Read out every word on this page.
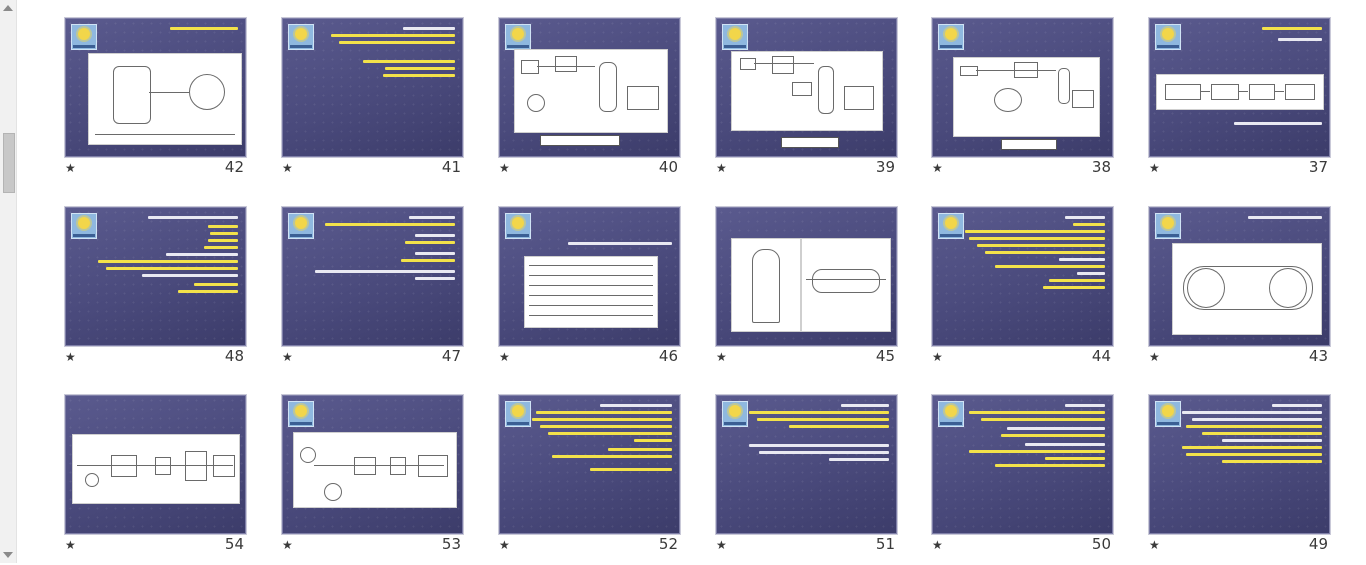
★	37
★	38
★	39
★	40
★	41
★	42
★	43
★	44
★	45
★	46
★	47
★	48
★	49
★	50
★	51
★	52
★	53
★	54
